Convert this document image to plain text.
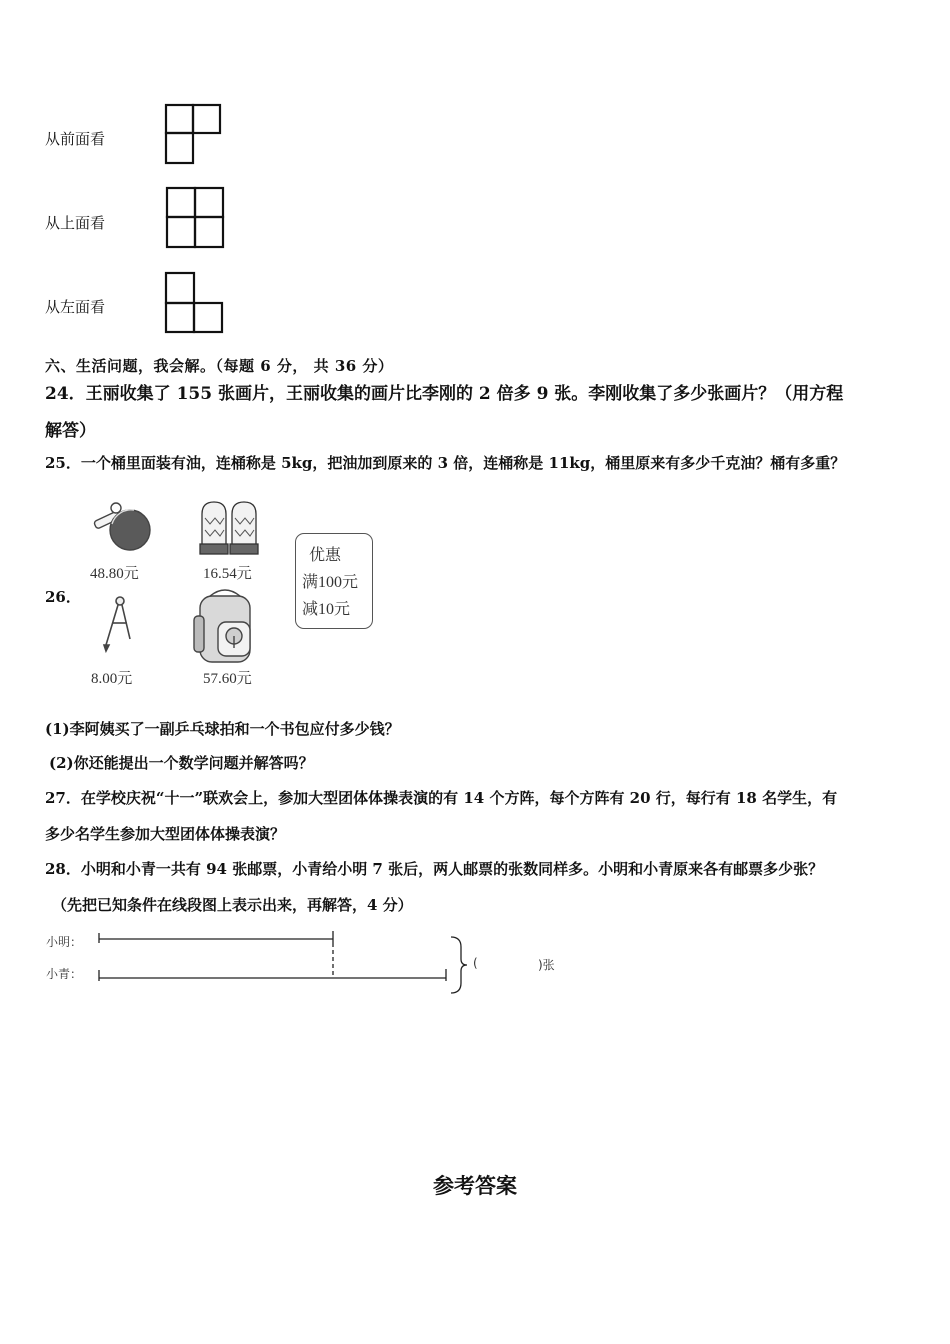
从前面看
从上面看
从左面看
六、生活问题，我会解。（每题 6 分， 共 36 分）
24．王丽收集了 155 张画片，王丽收集的画片比李刚的 2 倍多 9 张。李刚收集了多少张画片？（用方程
解答）
25．一个桶里面装有油，连桶称是 5kg，把油加到原来的 3 倍，连桶称是 11kg，桶里原来有多少千克油？桶有多重？
26．
48.80元	16.54元
优惠
满100元
减10元
8.00元	57.60元
(1)李阿姨买了一副乒乓球拍和一个书包应付多少钱？
(2)你还能提出一个数学问题并解答吗？
27．在学校庆祝“十一”联欢会上，参加大型团体体操表演的有 14 个方阵，每个方阵有 20 行，每行有 18 名学生，有
多少名学生参加大型团体体操表演？
28．小明和小青一共有 94 张邮票，小青给小明 7 张后，两人邮票的张数同样多。小明和小青原来各有邮票多少张？
（先把已知条件在线段图上表示出来，再解答，4 分）
小明：
小青：
(	)张
参考答案
